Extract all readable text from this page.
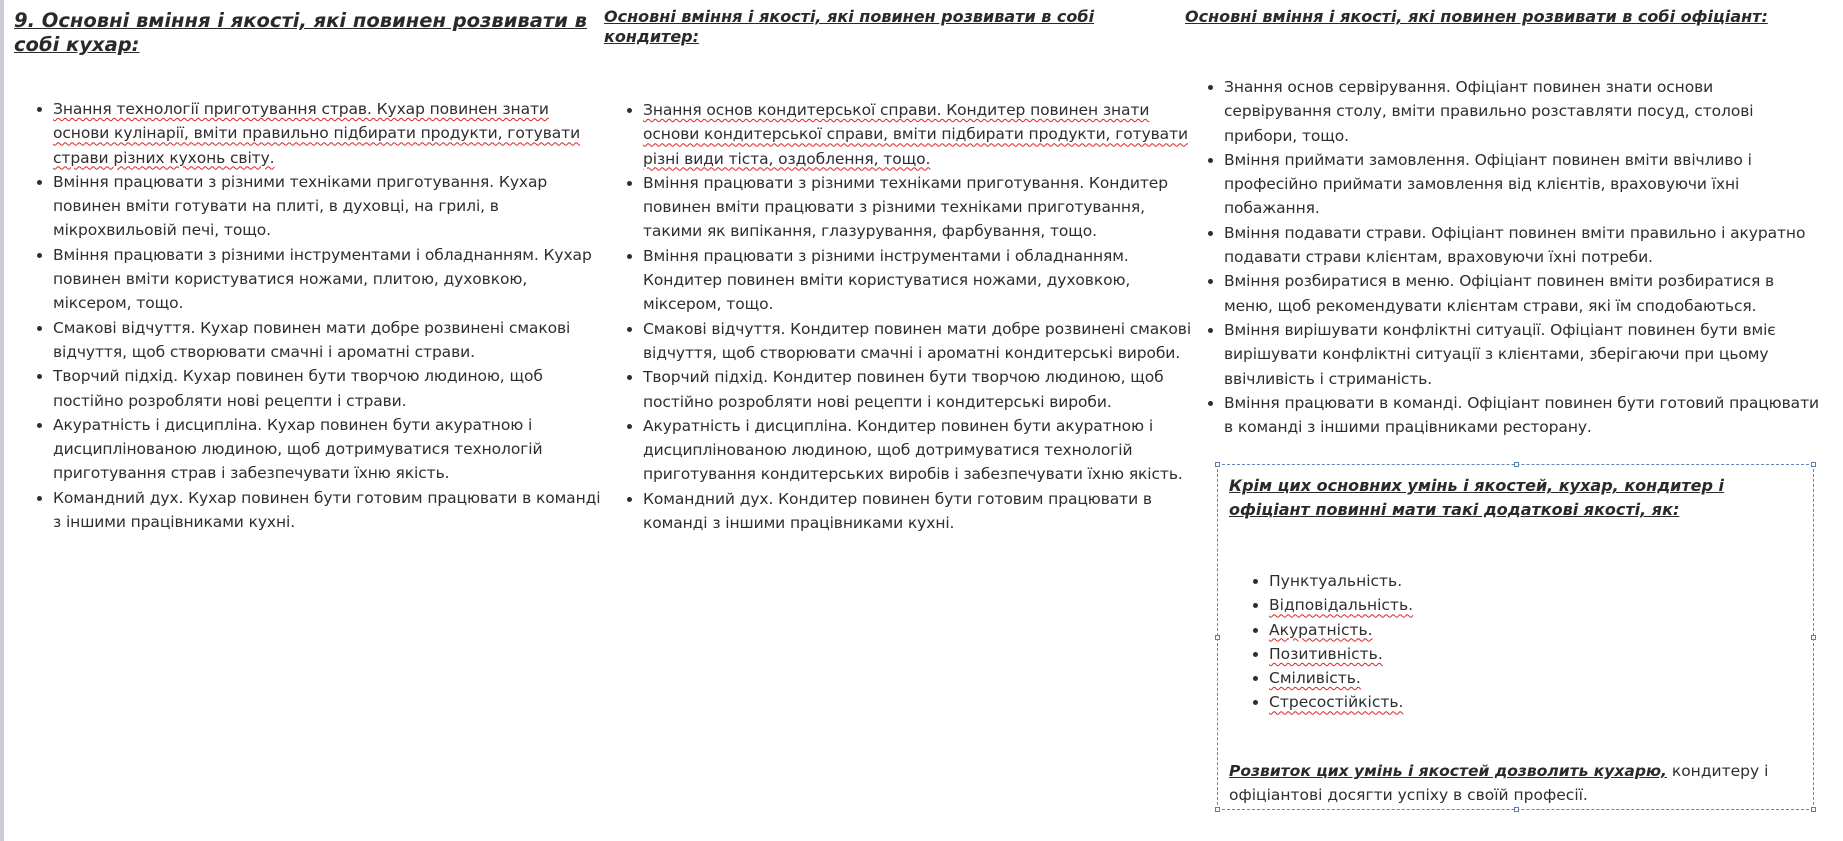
9. Основні вміння і якості, які повинен розвивати в собі кухар:

• Знання технології приготування страв. Кухар повинен знати основи кулінарії, вміти правильно підбирати продукти, готувати страви різних кухонь світу.
• Вміння працювати з різними техніками приготування. Кухар повинен вміти готувати на плиті, в духовці, на грилі, в мікрохвильовій печі, тощо.
• Вміння працювати з різними інструментами і обладнанням. Кухар повинен вміти користуватися ножами, плитою, духовкою, міксером, тощо.
• Смакові відчуття. Кухар повинен мати добре розвинені смакові відчуття, щоб створювати смачні і ароматні страви.
• Творчий підхід. Кухар повинен бути творчою людиною, щоб постійно розробляти нові рецепти і страви.
• Акуратність і дисципліна. Кухар повинен бути акуратною і дисциплінованою людиною, щоб дотримуватися технологій приготування страв і забезпечувати їхню якість.
• Командний дух. Кухар повинен бути готовим працювати в команді з іншими працівниками кухні.

Основні вміння і якості, які повинен розвивати в собі кондитер:

• Знання основ кондитерської справи. Кондитер повинен знати основи кондитерської справи, вміти підбирати продукти, готувати різні види тіста, оздоблення, тощо.
• Вміння працювати з різними техніками приготування. Кондитер повинен вміти працювати з різними техніками приготування, такими як випікання, глазурування, фарбування, тощо.
• Вміння працювати з різними інструментами і обладнанням. Кондитер повинен вміти користуватися ножами, духовкою, міксером, тощо.
• Смакові відчуття. Кондитер повинен мати добре розвинені смакові відчуття, щоб створювати смачні і ароматні кондитерські вироби.
• Творчий підхід. Кондитер повинен бути творчою людиною, щоб постійно розробляти нові рецепти і кондитерські вироби.
• Акуратність і дисципліна. Кондитер повинен бути акуратною і дисциплінованою людиною, щоб дотримуватися технологій приготування кондитерських виробів і забезпечувати їхню якість.
• Командний дух. Кондитер повинен бути готовим працювати в команді з іншими працівниками кухні.

Основні вміння і якості, які повинен розвивати в собі офіціант:

• Знання основ сервірування. Офіціант повинен знати основи сервірування столу, вміти правильно розставляти посуд, столові прибори, тощо.
• Вміння приймати замовлення. Офіціант повинен вміти ввічливо і професійно приймати замовлення від клієнтів, враховуючи їхні побажання.
• Вміння подавати страви. Офіціант повинен вміти правильно і акуратно подавати страви клієнтам, враховуючи їхні потреби.
• Вміння розбиратися в меню. Офіціант повинен вміти розбиратися в меню, щоб рекомендувати клієнтам страви, які їм сподобаються.
• Вміння вирішувати конфліктні ситуації. Офіціант повинен бути вміє вирішувати конфліктні ситуації з клієнтами, зберігаючи при цьому ввічливість і стриманість.
• Вміння працювати в команді. Офіціант повинен бути готовий працювати в команді з іншими працівниками ресторану.

Крім цих основних умінь і якостей, кухар, кондитер і офіціант повинні мати такі додаткові якості, як:

• Пунктуальність.
• Відповідальність.
• Акуратність.
• Позитивність.
• Сміливість.
• Стресостійкість.

Розвиток цих умінь і якостей дозволить кухарю, кондитеру і офіціантові досягти успіху в своїй професії.
